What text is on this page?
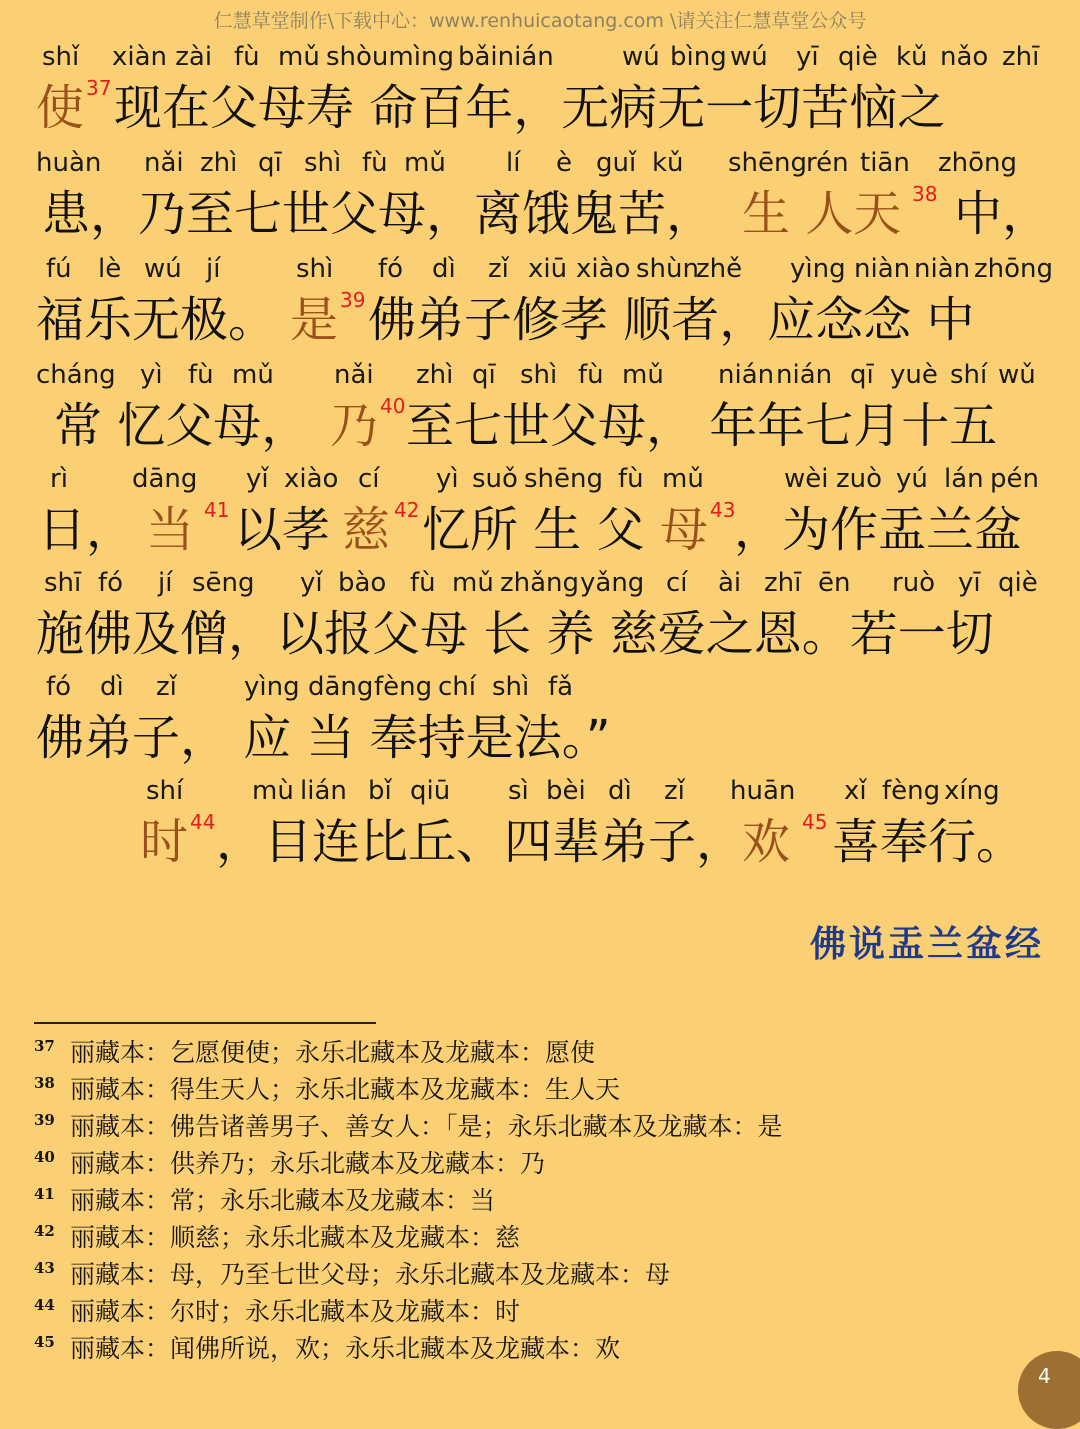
仁慧草堂制作\下载中心：www.renhuicaotang.com \请关注仁慧草堂公众号
shǐ xiàn zài fù mǔ shòumìng bǎinián	wú bìng wú yī qiè kǔ nǎo zhī
使 37 现在父母寿 命百年，无病无一切苦恼之
huàn nǎi zhì qī shì fù mǔ lí è guǐ kǔ shēng
rén tiān zhōng
患，乃至七世父母，离饿鬼苦， 生 人天 38 中，
fú lè wú jí	shì fó dì zǐ xiū xiào shùn
zhě yìng niàn niàn zhōng
福乐无极。 是 39 佛弟子修孝 顺者，应念念 中
cháng yì fù mǔ nǎi zhì qī shì fù mǔ nián nián qī yuè shí wǔ
常 忆父母， 乃 40 至七世父母， 年年七月十五
rì dāng yǐ xiào cí yì suǒ shēng fù mǔ	wèi zuò yú lán pén
日， 当 41 以孝 慈 42 忆所 生 父 母 43
，为作盂兰盆
shī fó jí sēng yǐ bào fù mǔ zhǎng yǎng cí ài zhī ēn ruò yī qiè
施佛及僧，以报父母 长 养 慈爱之恩。若一切
fó dì zǐ	yìng dāng fèng chí shì fǎ
佛弟子， 应 当 奉持是法。”
shí	mù lián bǐ qiū sì bèi dì zǐ huān xǐ fèng xíng
时 44 ，目连比丘、四辈弟子，
欢 45 喜奉行。
佛说盂兰盆经
37 丽藏本：乞愿便使；永乐北藏本及龙藏本：愿使
38 丽藏本：得生天人；永乐北藏本及龙藏本：生人天
39 丽藏本：佛告诸善男子、善女人：「是；永乐北藏本及龙藏本：是
40 丽藏本：供养乃；永乐北藏本及龙藏本：乃
41 丽藏本：常；永乐北藏本及龙藏本：当
42 丽藏本：顺慈；永乐北藏本及龙藏本：慈
43 丽藏本：母，乃至七世父母；永乐北藏本及龙藏本：母
44 丽藏本：尔时；永乐北藏本及龙藏本：时
45 丽藏本：闻佛所说，欢；永乐北藏本及龙藏本：欢
4
